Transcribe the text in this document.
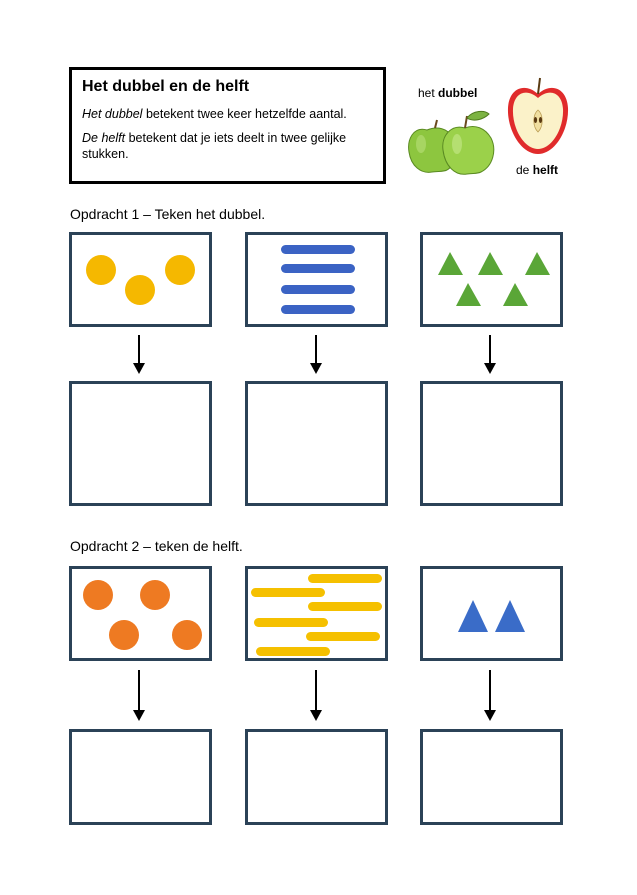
Het dubbel en de helft

Het dubbel betekent twee keer hetzelfde aantal.

De helft betekent dat je iets deelt in twee gelijke stukken.

het dubbel
de helft
Opdracht 1 – Teken het dubbel.
Opdracht 2 – teken de helft.
